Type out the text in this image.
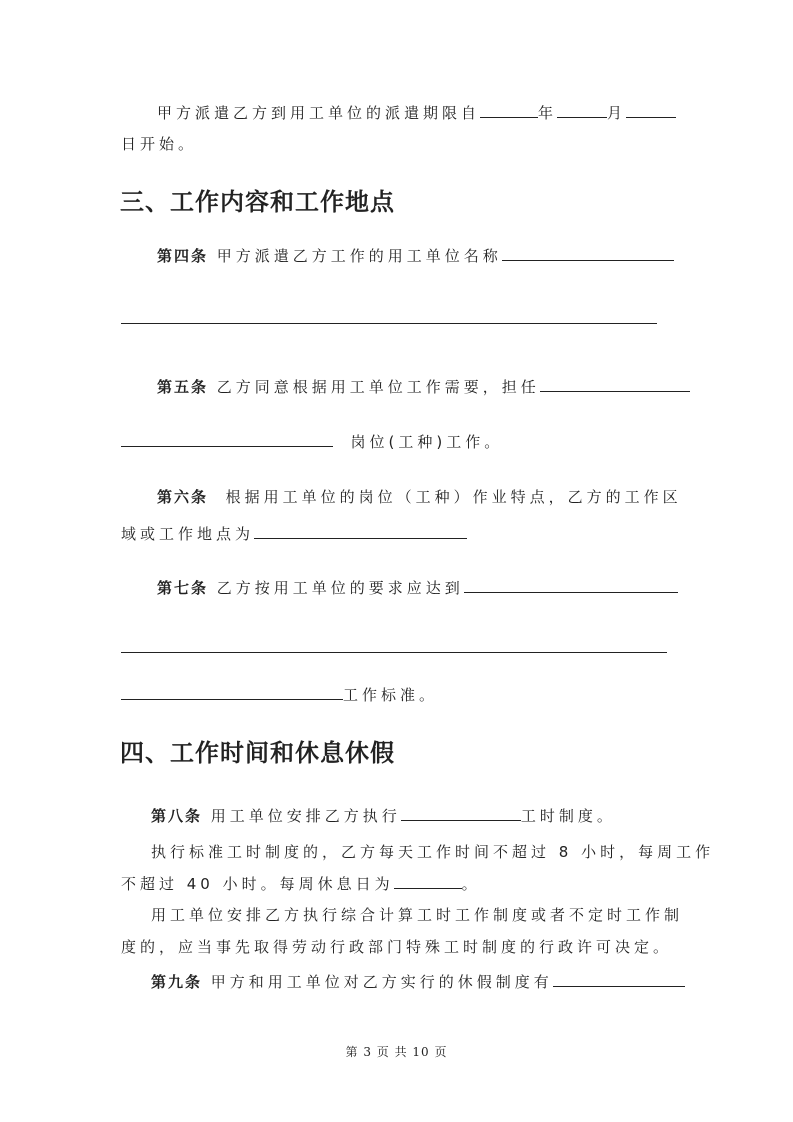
甲方派遣乙方到用工单位的派遣期限自	年	月
日开始。
三、工作内容和工作地点
第四条 甲方派遣乙方工作的用工单位名称
第五条 乙方同意根据用工单位工作需要，担任
岗位(工种)工作。
第六条 根据用工单位的岗位（工种）作业特点，乙方的工作区
域或工作地点为
第七条 乙方按用工单位的要求应达到
工作标准。
四、工作时间和休息休假
第八条 用工单位安排乙方执行	工时制度。
执行标准工时制度的，乙方每天工作时间不超过 8 小时，每周工作
不超过 40 小时。每周休息日为	。
用工单位安排乙方执行综合计算工时工作制度或者不定时工作制
度的，应当事先取得劳动行政部门特殊工时制度的行政许可决定。
第九条 甲方和用工单位对乙方实行的休假制度有
第 3 页 共 10 页
